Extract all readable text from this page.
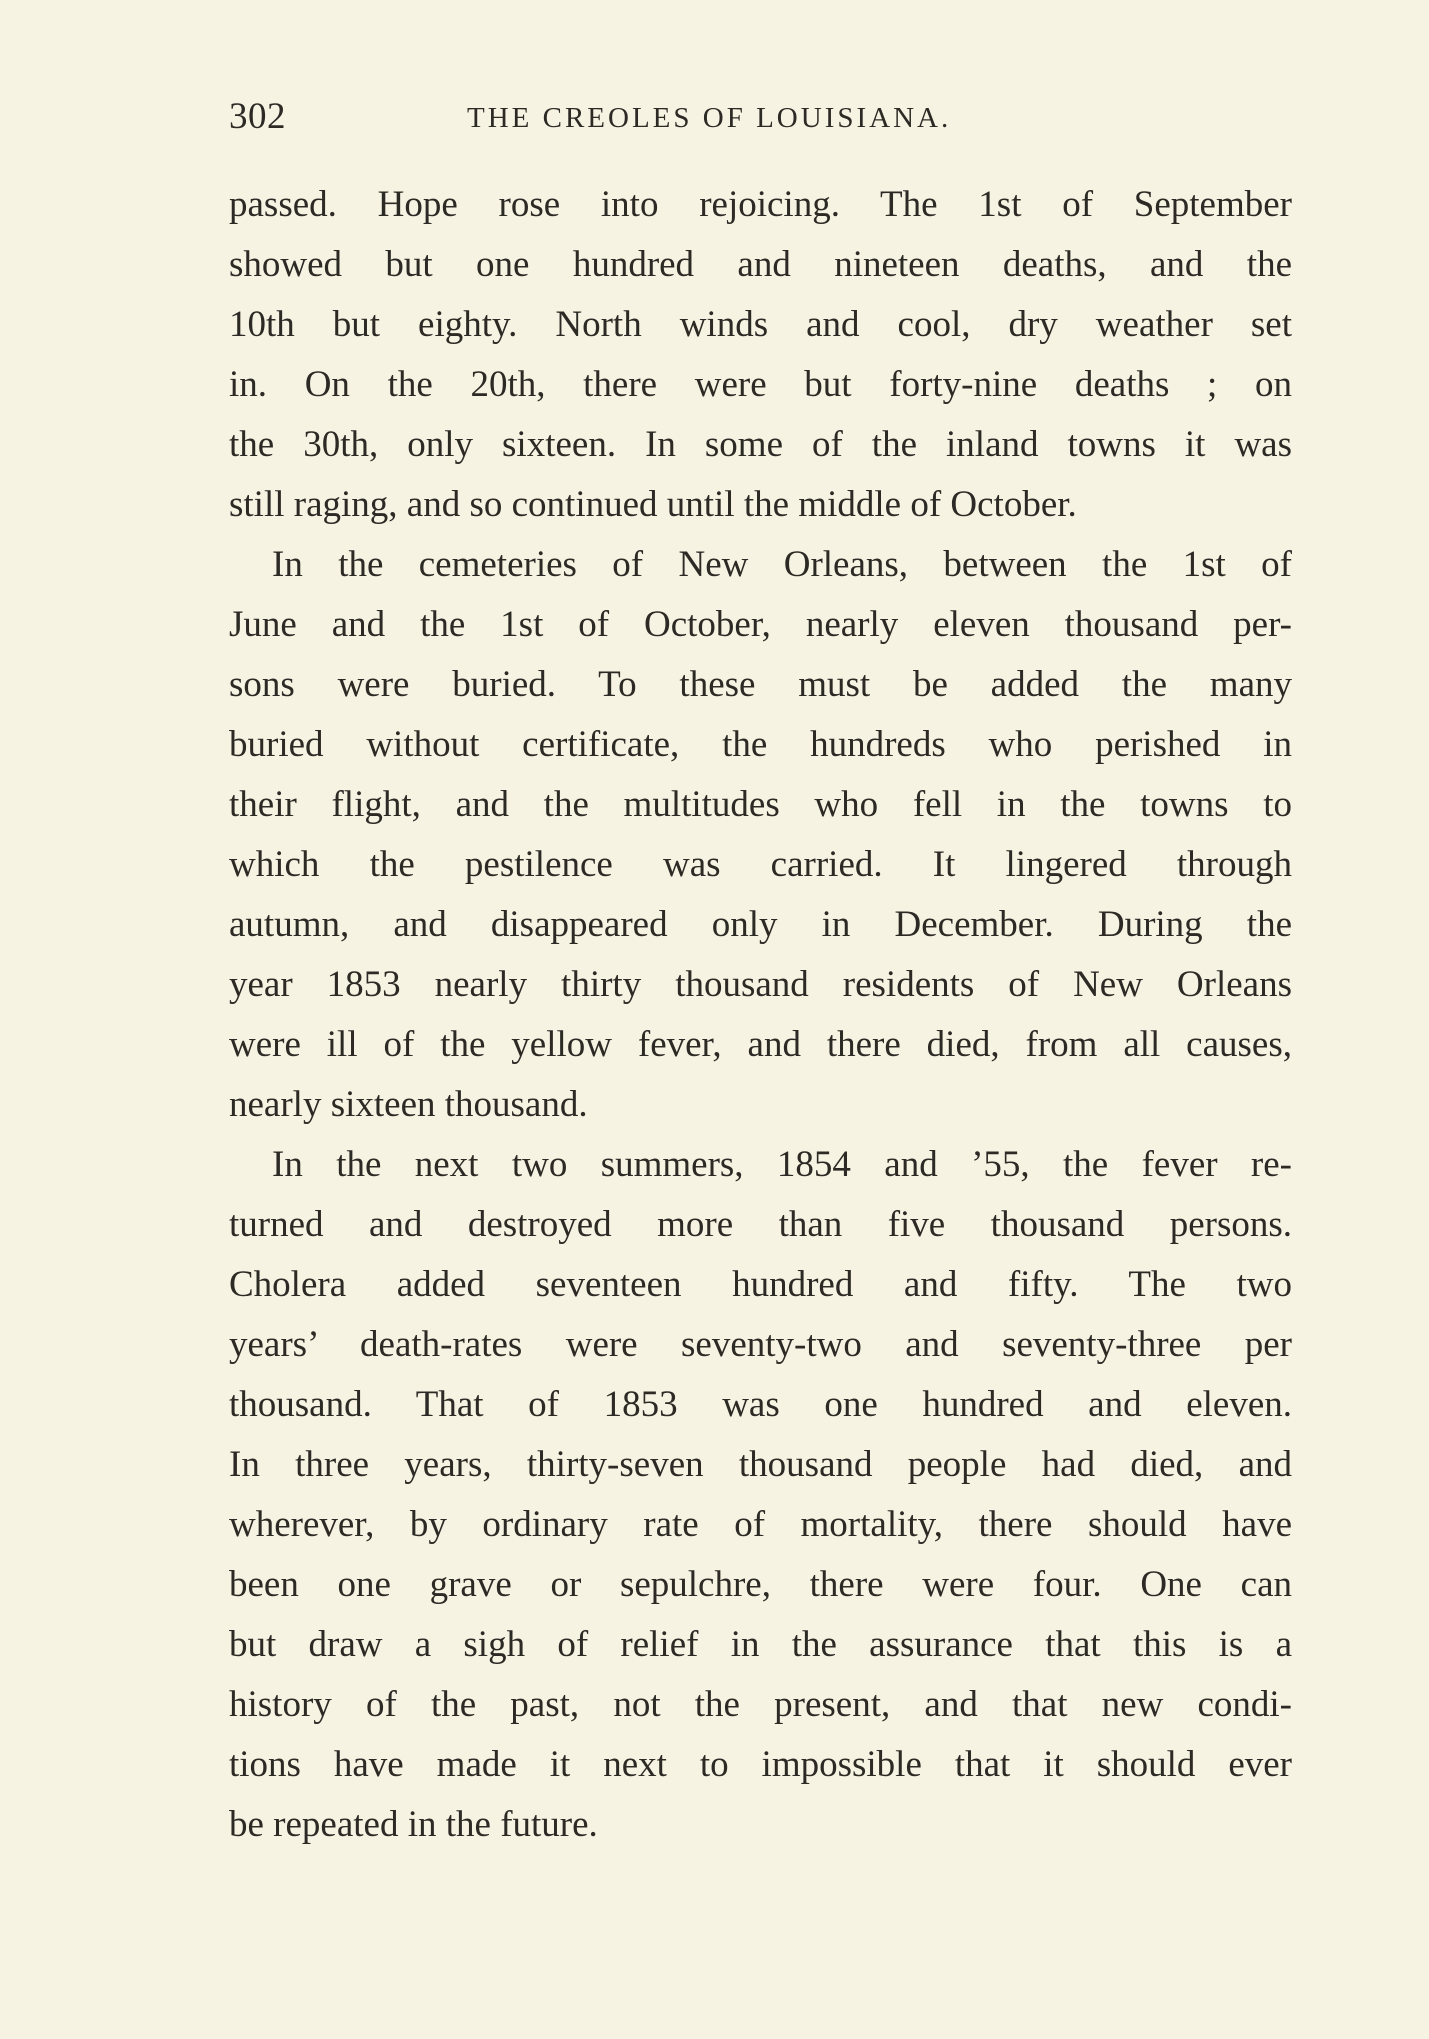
302	THE CREOLES OF LOUISIANA.
passed. Hope rose into rejoicing. The 1st of September
showed but one hundred and nineteen deaths, and the
10th but eighty. North winds and cool, dry weather set
in. On the 20th, there were but forty-nine deaths ; on
the 30th, only sixteen. In some of the inland towns it was
still raging, and so continued until the middle of October.
In the cemeteries of New Orleans, between the 1st of
June and the 1st of October, nearly eleven thousand per-
sons were buried. To these must be added the many
buried without certificate, the hundreds who perished in
their flight, and the multitudes who fell in the towns to
which the pestilence was carried. It lingered through
autumn, and disappeared only in December. During the
year 1853 nearly thirty thousand residents of New Orleans
were ill of the yellow fever, and there died, from all causes,
nearly sixteen thousand.
In the next two summers, 1854 and ’55, the fever re-
turned and destroyed more than five thousand persons.
Cholera added seventeen hundred and fifty. The two
years’ death-rates were seventy-two and seventy-three per
thousand. That of 1853 was one hundred and eleven.
In three years, thirty-seven thousand people had died, and
wherever, by ordinary rate of mortality, there should have
been one grave or sepulchre, there were four. One can
but draw a sigh of relief in the assurance that this is a
history of the past, not the present, and that new condi-
tions have made it next to impossible that it should ever
be repeated in the future.
